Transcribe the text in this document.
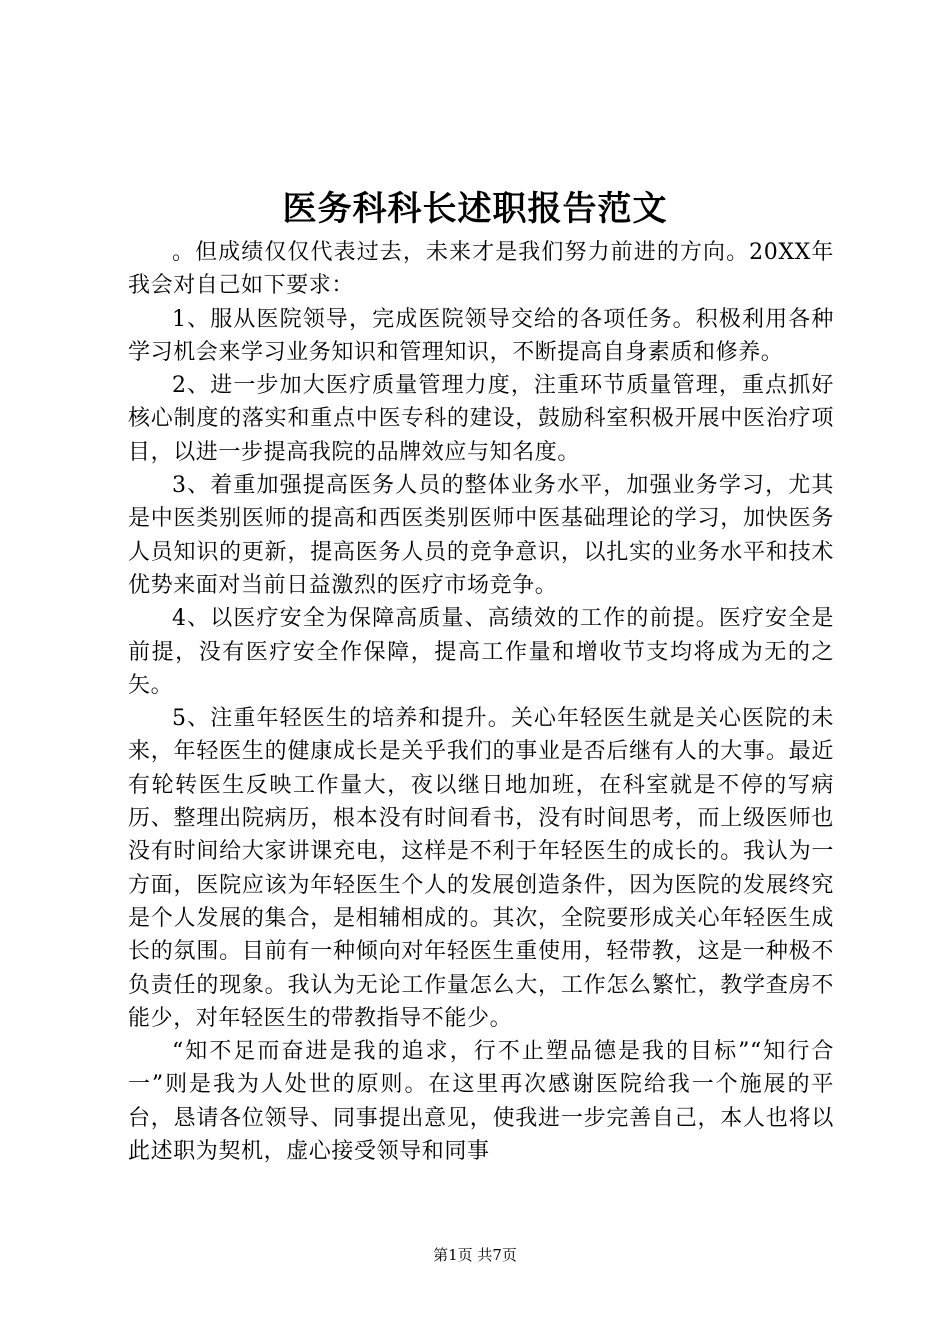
医务科科长述职报告范文

。但成绩仅仅代表过去，未来才是我们努力前进的方向。20XX年我会对自己如下要求：

1、服从医院领导，完成医院领导交给的各项任务。积极利用各种学习机会来学习业务知识和管理知识，不断提高自身素质和修养。

2、进一步加大医疗质量管理力度，注重环节质量管理，重点抓好核心制度的落实和重点中医专科的建设，鼓励科室积极开展中医治疗项目，以进一步提高我院的品牌效应与知名度。

3、着重加强提高医务人员的整体业务水平，加强业务学习，尤其是中医类别医师的提高和西医类别医师中医基础理论的学习，加快医务人员知识的更新，提高医务人员的竞争意识，以扎实的业务水平和技术优势来面对当前日益激烈的医疗市场竞争。

4、以医疗安全为保障高质量、高绩效的工作的前提。医疗安全是前提，没有医疗安全作保障，提高工作量和增收节支均将成为无的之矢。

5、注重年轻医生的培养和提升。关心年轻医生就是关心医院的未来，年轻医生的健康成长是关乎我们的事业是否后继有人的大事。最近有轮转医生反映工作量大，夜以继日地加班，在科室就是不停的写病历、整理出院病历，根本没有时间看书，没有时间思考，而上级医师也没有时间给大家讲课充电，这样是不利于年轻医生的成长的。我认为一方面，医院应该为年轻医生个人的发展创造条件，因为医院的发展终究是个人发展的集合，是相辅相成的。其次，全院要形成关心年轻医生成长的氛围。目前有一种倾向对年轻医生重使用，轻带教，这是一种极不负责任的现象。我认为无论工作量怎么大，工作怎么繁忙，教学查房不能少，对年轻医生的带教指导不能少。

“知不足而奋进是我的追求，行不止塑品德是我的目标”“知行合一”则是我为人处世的原则。在这里再次感谢医院给我一个施展的平台，恳请各位领导、同事提出意见，使我进一步完善自己，本人也将以此述职为契机，虚心接受领导和同事

第1页 共7页
